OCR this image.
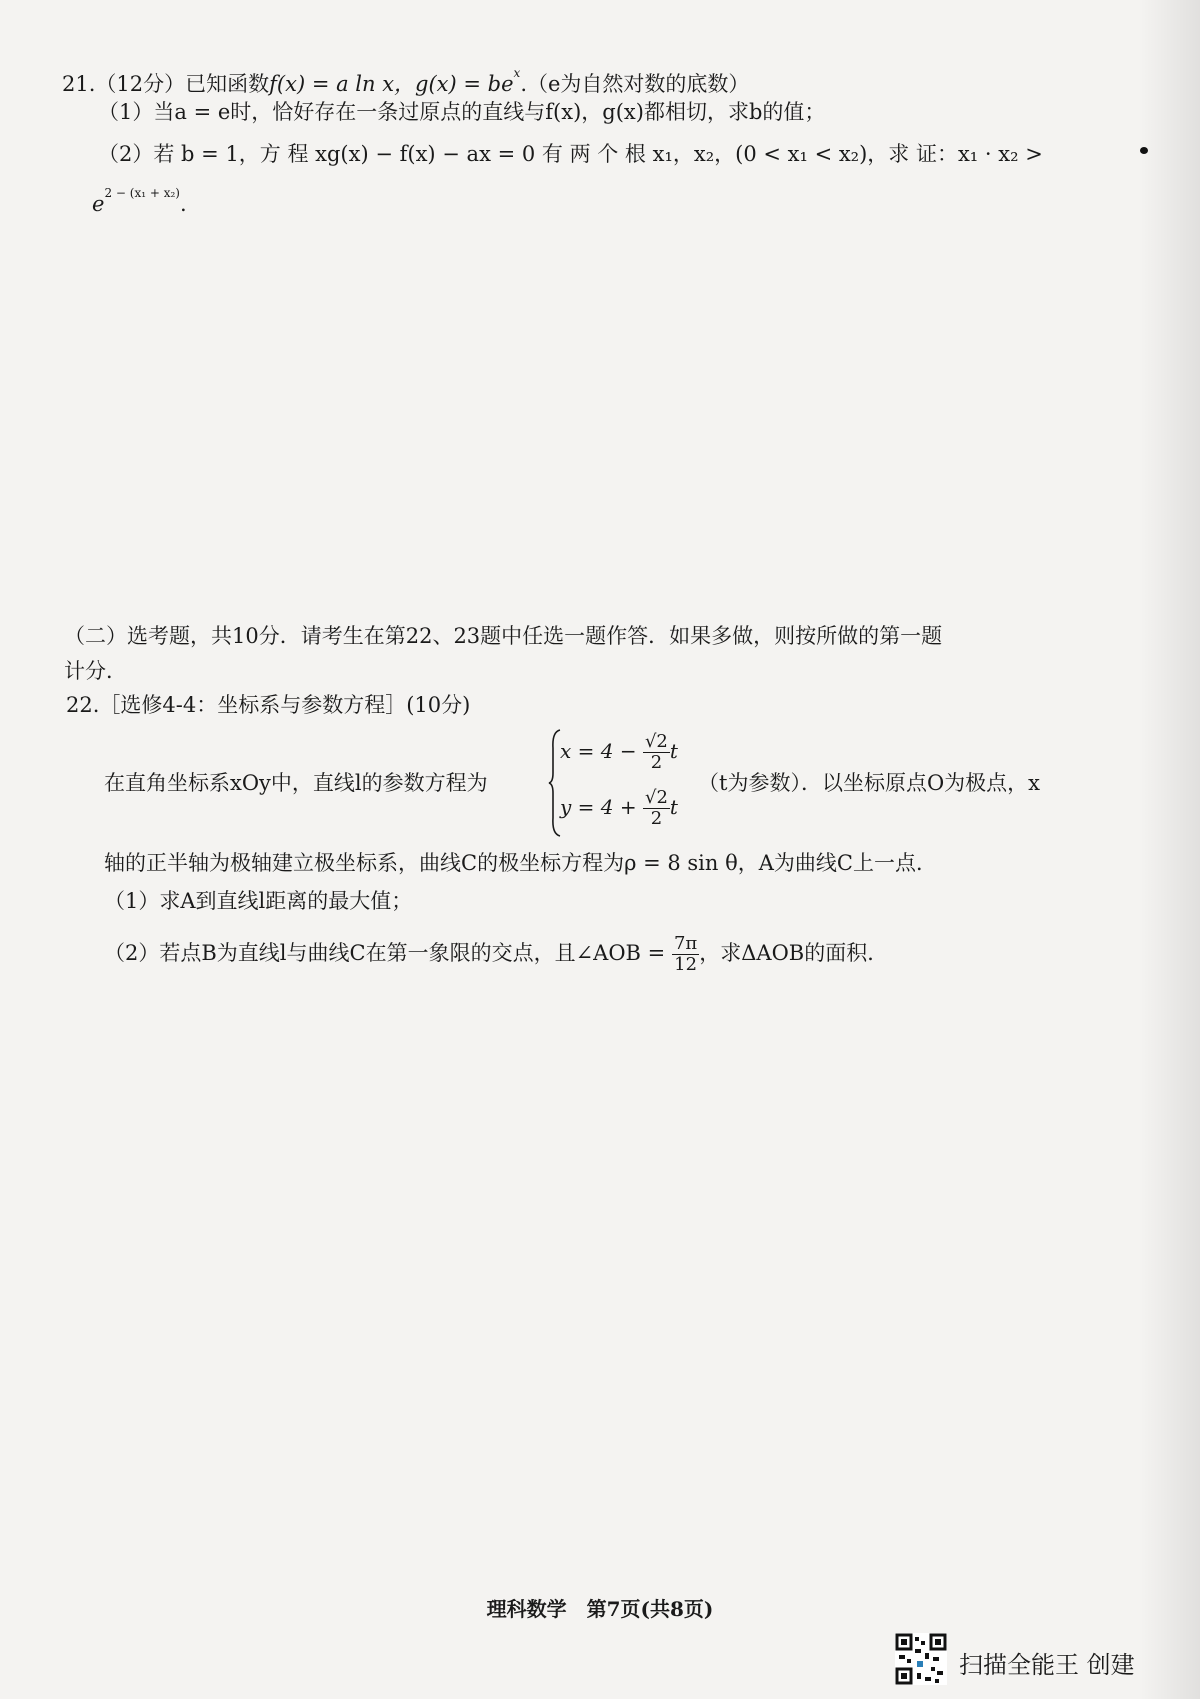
21.（12分）已知函数f(x) = a ln x，$g(x) = be^x.(e$为自然对数的底数）
（1）当a = e时，恰好存在一条过原点的直线与f(x)，g(x)都相切，求b的值；
（2）若 b = 1，方 程 xg(x) − f(x) − ax = 0 有 两 个 根 x₁，x₂，(0 < x₁ < x₂)，求 证：x₁ · x₂ >
$e^{2 - (x_1 + x_2)}$.
（二）选考题，共10分．请考生在第22、23题中任选一题作答．如果多做，则按所做的第一题
计分．
22.［选修4-4：坐标系与参数方程］(10分)
在直角坐标系xOy中，直线l的参数方程为
$x = 4 - \frac{√2}{2}$ t
$y = 4 + \frac{√2}{2}$ t
（t为参数）．以坐标原点O为极点，x
轴的正半轴为极轴建立极坐标系，曲线C的极坐标方程为ρ = 8 sin θ，A为曲线C上一点．
（1）求A到直线l距离的最大值；
（2）若点B为直线l与曲线C在第一象限的交点，且∠AOB = $\frac{7\pi}{12}$ ，求ΔAOB的面积．
理科数学　第7页(共8页)
扫描全能王 创建
